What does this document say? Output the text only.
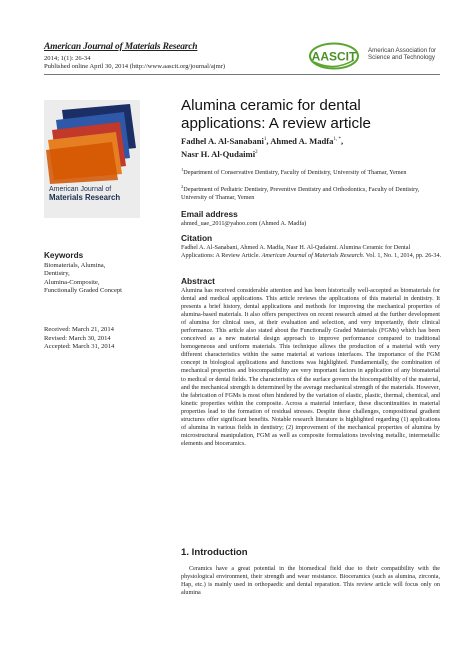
American Journal of Materials Research
2014; 1(1): 26-34
Published online April 30, 2014 (http://www.aascit.org/journal/ajmr)
AASCIT American Association for
Science and Technology
American Journal of
Materials Research
Keywords
Biomaterials, Alumina,
Dentistry,
Alumina-Composite,
Functionally Graded Concept
Received: March 21, 2014
Revised: March 30, 2014
Accepted: March 31, 2014
Alumina ceramic for dental applications: A review article
Fadhel A. Al-Sanabani$^1$, Ahmed A. Madfa$^{1, *}$,
Nasr H. Al-Qudaimi$^2$
$^1$Department of Conservative Dentistry, Faculty of Dentistry, University of Thamar, Yemen
$^2$Department of Pediatric Dentistry, Preventive Dentistry and Orthodontics, Faculty of Dentistry, University of Thamar, Yemen
Email address
ahmed_uae_2011@yahoo.com (Ahmed A. Madfa)
Citation
Fadhel A. Al-Sanabani, Ahmed A. Madfa, Nasr H. Al-Qudaimi. Alumina Ceramic for Dental Applications: A Review Article. American Journal of Materials Research. Vol. 1, No. 1, 2014, pp. 26-34.
Abstract

Alumina has received considerable attention and has been historically well-accepted as biomaterials for dental and medical applications. This article reviews the applications of this material in dentistry. It presents a brief history, dental applications and methods for improving the mechanical properties of alumina-based materials. It also offers perspectives on recent research aimed at the further development of alumina for clinical uses, at their evaluation and selection, and very importantly, their clinical performance. This article also stated about the Functionally Graded Materials (FGMs) which has been conceived as a new material design approach to improve performance compared to traditional homogeneous and uniform materials. This technique allows the production of a material with very different characteristics within the same material at various interfaces. The importance of the FGM concept in biological applications and functions was highlighted. Fundamentally, the combination of mechanical properties and biocompatibility are very important factors in application of any biomaterial to medical or dental fields. The characteristics of the surface govern the biocompatibility of the material, and the mechanical strength is determined by the average mechanical strength of the materials. However, the fabrication of FGMs is most often hindered by the variation of elastic, plastic, thermal, chemical, and kinetic properties within the composite. Across a material interface, these discontinuities in material properties lead to the formation of residual stresses. Despite these challenges, compositional gradient structures offer significant benefits. Notable research literature is highlighted regarding (1) applications of alumina in various fields in dentistry; (2) improvement of the mechanical properties of alumina by microstructural manipulation, FGM as well as composite formulations involving metallic, intermetallic elements and bioceramics.

1. Introduction

Ceramics have a great potential in the biomedical field due to their compatibility with the physiological environment, their strength and wear resistance. Bioceramics (such as alumina, zirconia, Hap, etc.) is mainly used in orthopaedic and dental reparation. This review article will focus only on alumina
